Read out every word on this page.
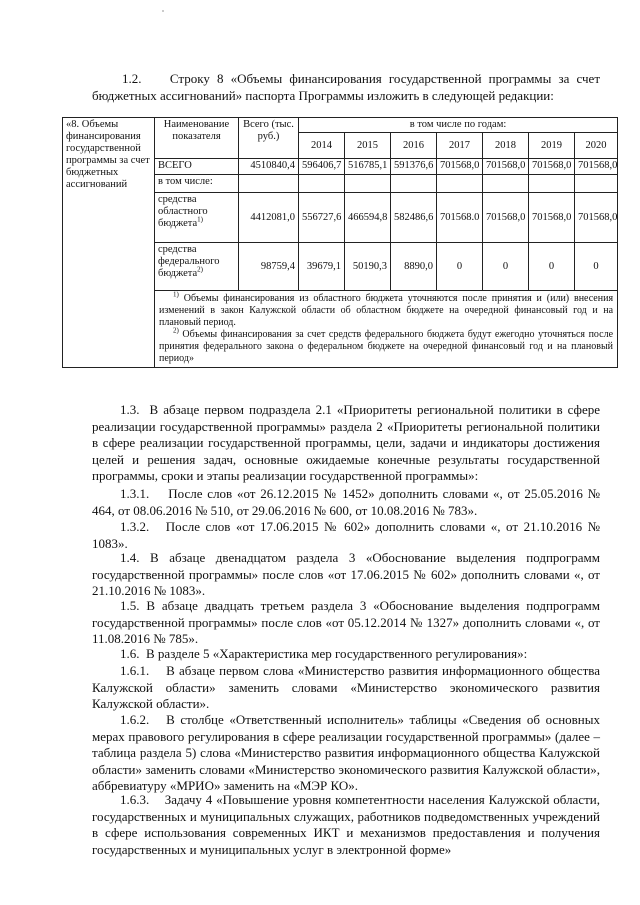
1.2.    Строку 8 «Объемы финансирования государственной программы за счет бюджетных ассигнований» паспорта Программы изложить в следующей редакции:

«8. Объемы финансирования государственной программы за счет бюджетных ассигнований	Наименование показателя	Всего (тыс. руб.)	в том числе по годам:						
			2014	2015	2016	2017	2018	2019	2020
	ВСЕГО	4510840,4	596406,7	516785,1	591376,6	701568,0	701568,0	701568,0	701568,0
	в том числе:								
	средства областного бюджета$^{1)}$	4412081,0	556727,6	466594,8	582486,6	701568.0	701568,0	701568,0	701568,0
	средства федерального бюджета$^{2)}$	98759,4	39679,1	50190,3	8890,0	0	0	0	0

	$^{1)}$ Объемы финансирования из областного бюджета уточняются после принятия и (или) внесения изменений в закон Калужской области об областном бюджете на очередной финансовый год и на плановый период.
$^{2)}$ Объемы финансирования за счет средств федерального бюджета будут ежегодно уточняться после принятия федерального закона о федеральном бюджете на очередной финансовый год и на плановый период»								

1.3.  В абзаце первом подраздела 2.1 «Приоритеты региональной политики в сфере реализации государственной программы» раздела 2 «Приоритеты региональной политики в сфере реализации государственной программы, цели, задачи и индикаторы достижения целей и решения задач, основные ожидаемые конечные результаты государственной программы, сроки и этапы реализации государственной программы»:

1.3.1.    После слов «от 26.12.2015 № 1452» дополнить словами «, от 25.05.2016 № 464, от 08.06.2016 № 510, от 29.06.2016 № 600, от 10.08.2016 № 783».

1.3.2.   После слов «от 17.06.2015 № 602» дополнить словами «, от 21.10.2016 № 1083».

1.4. В абзаце двенадцатом раздела 3 «Обоснование выделения подпрограмм государственной программы» после слов «от 17.06.2015 № 602» дополнить словами «, от 21.10.2016 № 1083».

1.5. В абзаце двадцать третьем раздела 3 «Обоснование выделения подпрограмм государственной программы» после слов «от 05.12.2014 № 1327» дополнить словами «, от 11.08.2016 № 785».

1.6.  В разделе 5 «Характеристика мер государственного регулирования»:

1.6.1.    В абзаце первом слова «Министерство развития информационного общества Калужской области» заменить словами «Министерство экономического развития Калужской области».

1.6.2.   В столбце «Ответственный исполнитель» таблицы «Сведения об основных мерах правового регулирования в сфере реализации государственной программы» (далее – таблица раздела 5) слова «Министерство развития информационного общества Калужской области» заменить словами «Министерство экономического развития Калужской области», аббревиатуру «МРИО» заменить на «МЭР КО».

1.6.3.    Задачу 4 «Повышение уровня компетентности населения Калужской области, государственных и муниципальных служащих, работников подведомственных учреждений в сфере использования современных ИКТ и механизмов предоставления и получения государственных и муниципальных услуг в электронной форме»
